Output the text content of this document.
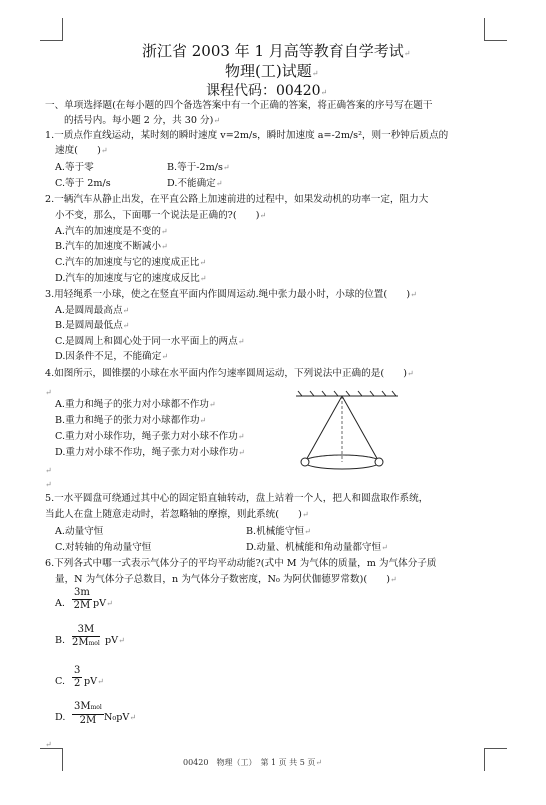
浙江省 2003 年 1 月高等教育自学考试↵
物理(工)试题↵
课程代码：00420↵
一、单项选择题(在每小题的四个备选答案中有一个正确的答案，将正确答案的序号写在题干
的括号内。每小题 2 分，共 30 分)↵
1.一质点作直线运动，某时刻的瞬时速度 v=2m/s，瞬时加速度 a=-2m/s²，则一秒钟后质点的
速度(　　)↵
A.等于零	B.等于-2m/s↵
C.等于 2m/s	D.不能确定↵
2.一辆汽车从静止出发，在平直公路上加速前进的过程中，如果发动机的功率一定，阻力大
小不变，那么，下面哪一个说法是正确的?(　　)↵
A.汽车的加速度是不变的↵
B.汽车的加速度不断减小↵
C.汽车的加速度与它的速度成正比↵
D.汽车的加速度与它的速度成反比↵
3.用轻绳系一小球，使之在竖直平面内作圆周运动.绳中张力最小时，小球的位置(　　)↵
A.是圆周最高点↵
B.是圆周最低点↵
C.是圆周上和圆心处于同一水平面上的两点↵
D.因条件不足，不能确定↵
4.如图所示，圆锥摆的小球在水平面内作匀速率圆周运动，下列说法中正确的是(　　)↵
↵
A.重力和绳子的张力对小球都不作功↵
B.重力和绳子的张力对小球都作功↵
C.重力对小球作功，绳子张力对小球不作功↵
D.重力对小球不作功，绳子张力对小球作功↵
↵
↵
5.一水平圆盘可绕通过其中心的固定铅直轴转动，盘上站着一个人，把人和圆盘取作系统，
当此人在盘上随意走动时，若忽略轴的摩擦，则此系统(　　)↵
A.动量守恒	B.机械能守恒↵
C.对转轴的角动量守恒	D.动量、机械能和角动量都守恒↵
6.下列各式中哪一式表示气体分子的平均平动动能?(式中 M 为气体的质量，m 为气体分子质
量，N 为气体分子总数目，n 为气体分子数密度，N₀ 为阿伏伽德罗常数)(　　)↵
A. $\frac{3m}{2M}$ pV↵
B.
3M
2Mmol pV↵
C. $\frac{3}{2}$ pV↵
D.
3Mmol
2M N₀pV↵
↵
00420　物理（工）　第 1 页 共 5 页↵
